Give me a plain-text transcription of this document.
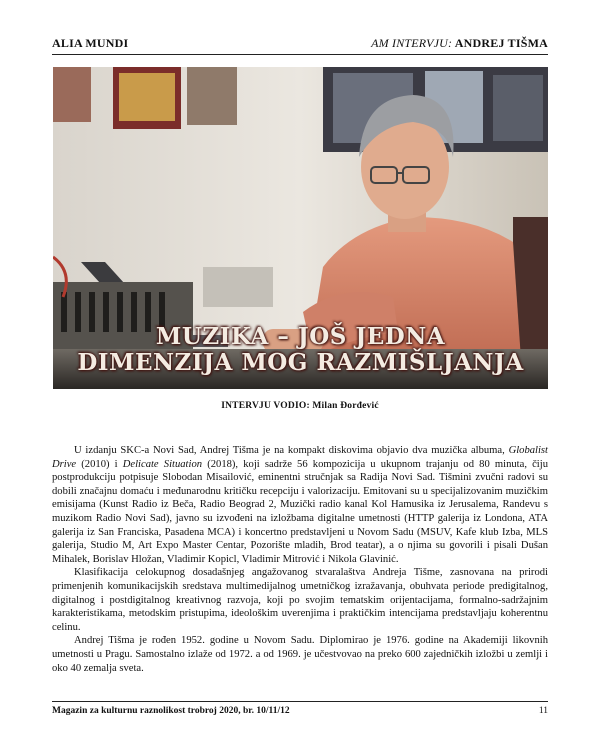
ALIA MUNDI	AM INTERVJU: ANDREJ TIŠMA
MUZIKA – JOŠ JEDNA
DIMENZIJA MOG RAZMIŠLJANJA
INTERVJU VODIO: Milan Đorđević

U izdanju SKC-a Novi Sad, Andrej Tišma je na kompakt diskovima objavio dva muzička albuma, Globalist Drive (2010) i Delicate Situation (2018), koji sadrže 56 kompozicija u ukupnom trajanju od 80 minuta, čiju postprodukciju potpisuje Slobodan Misailović, eminentni stručnjak sa Radija Novi Sad. Tišmini zvučni radovi su dobili značajnu domaću i međunarodnu kritičku recepciju i valorizaciju. Emitovani su u specijalizovanim muzičkim emisijama (Kunst Radio iz Beča, Radio Beograd 2, Muzički radio kanal Kol Hamusika iz Jerusalema, Randevu s muzikom Radio Novi Sad), javno su izvođeni na izložbama digitalne umetnosti (HTTP galerija iz Londona, ATA galerija iz San Franciska, Pasadena MCA) i koncertno predstavljeni u Novom Sadu (MSUV, Kafe klub Izba, MLS galerija, Studio M, Art Expo Master Centar, Pozorište mladih, Brod teatar), a o njima su govorili i pisali Dušan Mihalek, Borislav Hložan, Vladimir Kopicl, Vladimir Mitrović i Nikola Glavinić.

Klasifikacija celokupnog dosadašnjeg angažovanog stvaralaštva Andreja Tišme, zasnovana na prirodi primenjenih komunikacijskih sredstava multimedijalnog umetničkog izražavanja, obuhvata periode predigitalnog, digitalnog i postdigitalnog kreativnog razvoja, koji po svojim tematskim orijentacijama, formalno-sadržajnim karakteristikama, metodskim pristupima, ideološkim uverenjima i praktičkim intencijama predstavljaju koherentnu celinu.

Andrej Tišma je rođen 1952. godine u Novom Sadu. Diplomirao je 1976. godine na Akademiji likovnih umetnosti u Pragu. Samostalno izlaže od 1972. a od 1969. je učestvovao na preko 600 zajedničkih izložbi u zemlji i oko 40 zemalja sveta.

Magazin za kulturnu raznolikost trobroj 2020, br. 10/11/12	11
